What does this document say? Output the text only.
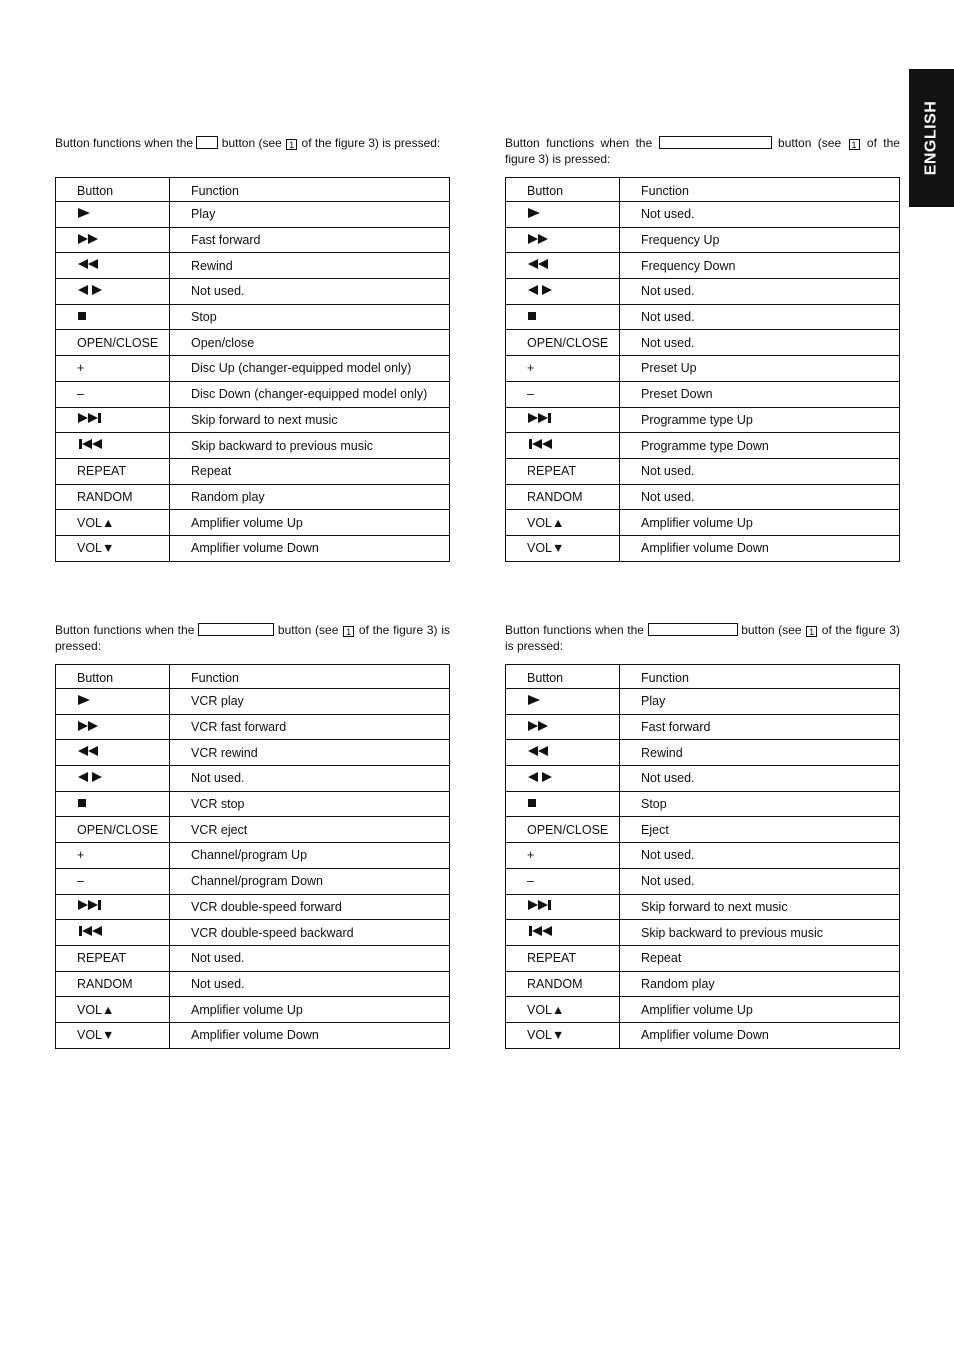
ENGLISH
Button functions when the button (see 1 of the figure 3) is pressed:
Button	Function

	Play

	Fast forward

	Rewind

	Not used.

	Stop
OPEN/CLOSE	Open/close
+	Disc Up (changer-equipped model only)
–	Disc Down (changer-equipped model only)

	Skip forward to next music

	Skip backward to previous music
REPEAT	Repeat
RANDOM	Random play
VOL▲	Amplifier volume Up
VOL▼	Amplifier volume Down
Button functions when the	button (see 1 of the figure 3) is pressed:
Button	Function

	Not used.

	Frequency Up

	Frequency Down

	Not used.

	Not used.
OPEN/CLOSE	Not used.
+	Preset Up
–	Preset Down

	Programme type Up

	Programme type Down
REPEAT	Not used.
RANDOM	Not used.
VOL▲	Amplifier volume Up
VOL▼	Amplifier volume Down
Button functions when the	button (see 1 of the figure 3) is pressed:
Button	Function

	VCR play

	VCR fast forward

	VCR rewind

	Not used.

	VCR stop
OPEN/CLOSE	VCR eject
+	Channel/program Up
–	Channel/program Down

	VCR double-speed forward

	VCR double-speed backward
REPEAT	Not used.
RANDOM	Not used.
VOL▲	Amplifier volume Up
VOL▼	Amplifier volume Down
Button functions when the	button (see 1 of the figure 3) is pressed:
Button	Function

	Play

	Fast forward

	Rewind

	Not used.

	Stop
OPEN/CLOSE	Eject
+	Not used.
–	Not used.

	Skip forward to next music

	Skip backward to previous music
REPEAT	Repeat
RANDOM	Random play
VOL▲	Amplifier volume Up
VOL▼	Amplifier volume Down
